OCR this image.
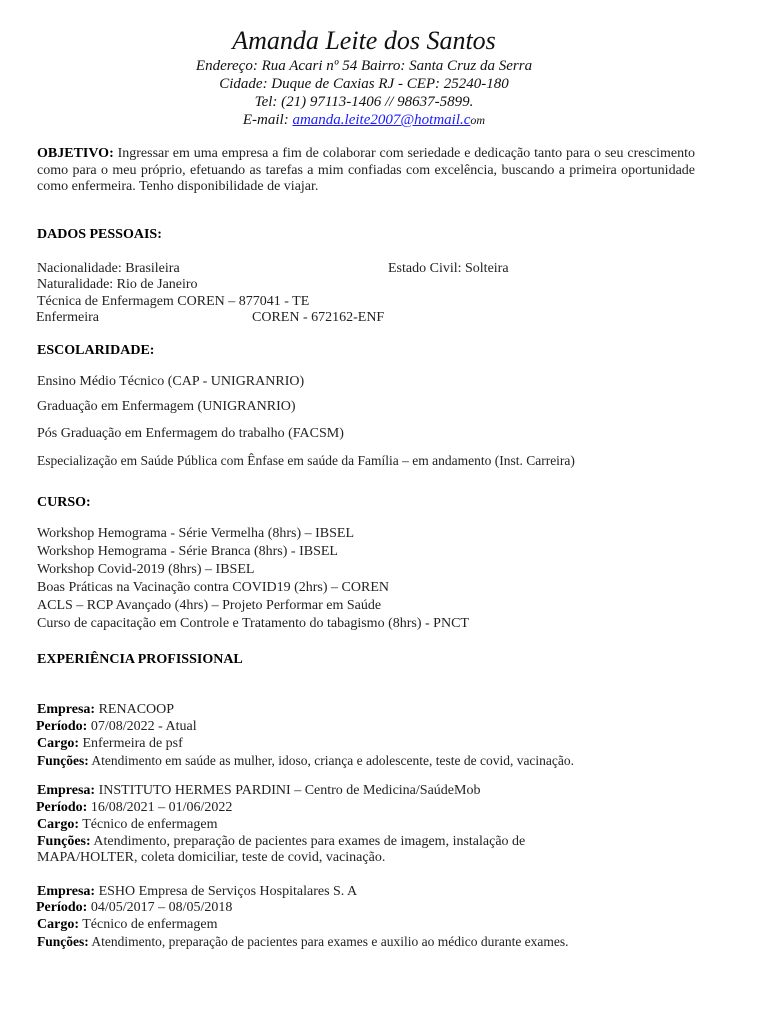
Amanda Leite dos Santos
Endereço: Rua Acari nº 54 Bairro: Santa Cruz da Serra
Cidade: Duque de Caxias RJ - CEP: 25240-180
Tel: (21) 97113-1406 // 98637-5899.
E-mail: amanda.leite2007@hotmail.com
OBJETIVO: Ingressar em uma empresa a fim de colaborar com seriedade e dedicação tanto para o seu crescimento como para o meu próprio, efetuando as tarefas a mim confiadas com excelência, buscando a primeira oportunidade como enfermeira. Tenho disponibilidade de viajar.
DADOS PESSOAIS:
Nacionalidade: Brasileira	Estado Civil: Solteira
Naturalidade: Rio de Janeiro
Técnica de Enfermagem COREN – 877041 - TE
Enfermeira	COREN - 672162-ENF
ESCOLARIDADE:
Ensino Médio Técnico (CAP - UNIGRANRIO)
Graduação em Enfermagem (UNIGRANRIO)
Pós Graduação em Enfermagem do trabalho (FACSM)
Especialização em Saúde Pública com Ênfase em saúde da Família – em andamento (Inst. Carreira)
CURSO:
Workshop Hemograma - Série Vermelha (8hrs) – IBSEL
Workshop Hemograma - Série Branca (8hrs) - IBSEL
Workshop Covid-2019 (8hrs) – IBSEL
Boas Práticas na Vacinação contra COVID19 (2hrs) – COREN
ACLS – RCP Avançado (4hrs) – Projeto Performar em Saúde
Curso de capacitação em Controle e Tratamento do tabagismo (8hrs) - PNCT
EXPERIÊNCIA PROFISSIONAL
Empresa: RENACOOP
Período: 07/08/2022 - Atual
Cargo: Enfermeira de psf
Funções: Atendimento em saúde as mulher, idoso, criança e adolescente, teste de covid, vacinação.
Empresa: INSTITUTO HERMES PARDINI – Centro de Medicina/SaúdeMob
Período: 16/08/2021 – 01/06/2022
Cargo: Técnico de enfermagem
Funções: Atendimento, preparação de pacientes para exames de imagem, instalação de
MAPA/HOLTER, coleta domiciliar, teste de covid, vacinação.
Empresa: ESHO Empresa de Serviços Hospitalares S. A
Período: 04/05/2017 – 08/05/2018
Cargo: Técnico de enfermagem
Funções: Atendimento, preparação de pacientes para exames e auxilio ao médico durante exames.
